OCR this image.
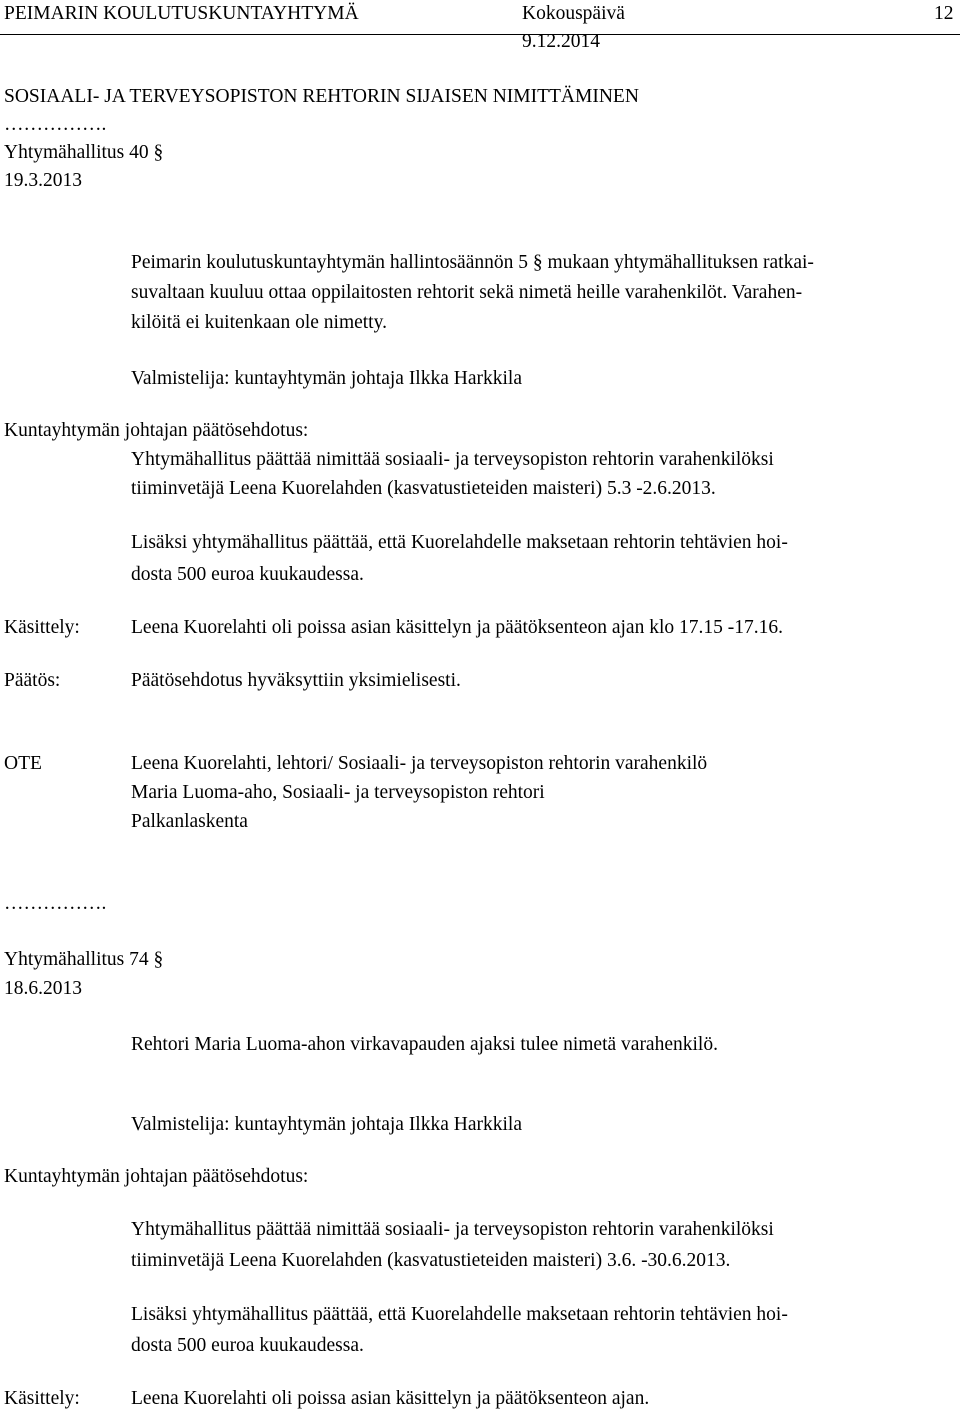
PEIMARIN KOULUTUSKUNTAYHTYMÄ	Kokouspäivä
9.12.2014
12
SOSIAALI- JA TERVEYSOPISTON REHTORIN SIJAISEN NIMITTÄMINEN
…………….
Yhtymähallitus 40 §
19.3.2013
Peimarin koulutuskuntayhtymän hallintosäännön 5 § mukaan yhtymähallituksen ratkai-
suvaltaan kuuluu ottaa oppilaitosten rehtorit sekä nimetä heille varahenkilöt. Varahen-
kilöitä ei kuitenkaan ole nimetty.
Valmistelija: kuntayhtymän johtaja Ilkka Harkkila
Kuntayhtymän johtajan päätösehdotus:
Yhtymähallitus päättää nimittää sosiaali- ja terveysopiston rehtorin varahenkilöksi
tiiminvetäjä Leena Kuorelahden (kasvatustieteiden maisteri) 5.3 -2.6.2013.
Lisäksi yhtymähallitus päättää, että Kuorelahdelle maksetaan rehtorin tehtävien hoi-
dosta 500 euroa kuukaudessa.
Käsittely:	Leena Kuorelahti oli poissa asian käsittelyn ja päätöksenteon ajan klo 17.15 -17.16.
Päätös:	Päätösehdotus hyväksyttiin yksimielisesti.
OTE	Leena Kuorelahti, lehtori/ Sosiaali- ja terveysopiston rehtorin varahenkilö
Maria Luoma-aho, Sosiaali- ja terveysopiston rehtori
Palkanlaskenta
…………….
Yhtymähallitus 74 §
18.6.2013
Rehtori Maria Luoma-ahon virkavapauden ajaksi tulee nimetä varahenkilö.
Valmistelija: kuntayhtymän johtaja Ilkka Harkkila
Kuntayhtymän johtajan päätösehdotus:
Yhtymähallitus päättää nimittää sosiaali- ja terveysopiston rehtorin varahenkilöksi
tiiminvetäjä Leena Kuorelahden (kasvatustieteiden maisteri) 3.6. -30.6.2013.
Lisäksi yhtymähallitus päättää, että Kuorelahdelle maksetaan rehtorin tehtävien hoi-
dosta 500 euroa kuukaudessa.
Käsittely:	Leena Kuorelahti oli poissa asian käsittelyn ja päätöksenteon ajan.
